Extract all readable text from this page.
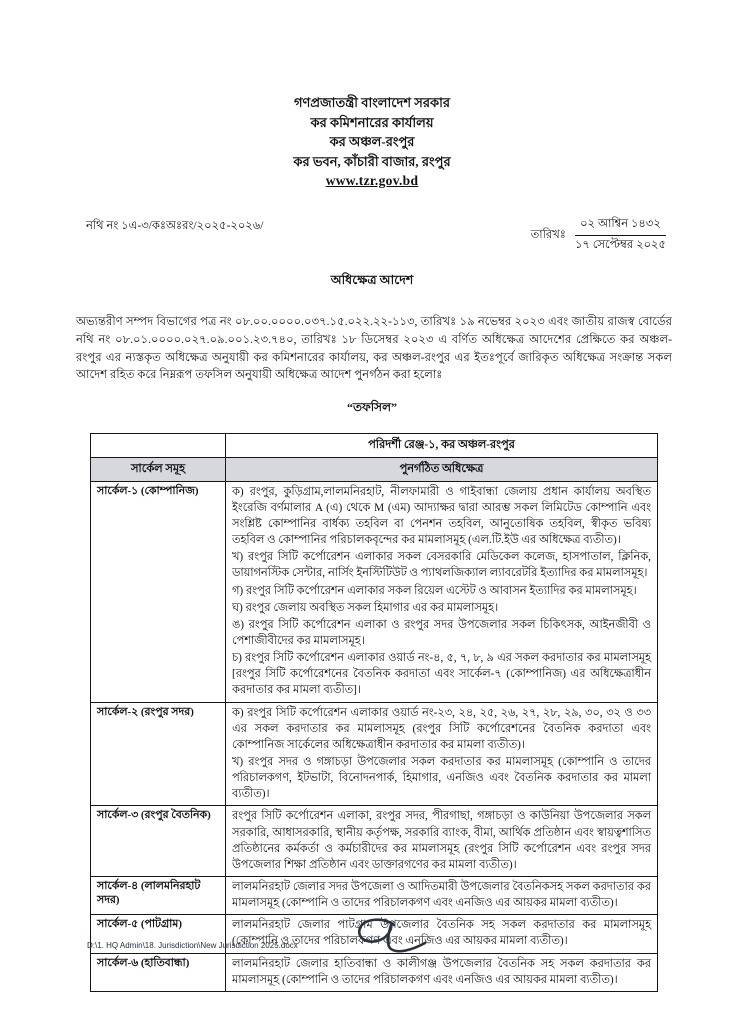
গণপ্রজাতন্ত্রী বাংলাদেশ সরকার
কর কমিশনারের কার্যালয়
কর অঞ্চল-রংপুর
কর ভবন, কাঁচারী বাজার, রংপুর
www.tzr.gov.bd
নথি নং ১এ-৩/কঃঅঃরং/২০২৫-২০২৬/
তারিখঃ
০২ আশ্বিন ১৪৩২
১৭ সেপ্টেম্বর ২০২৫
অধিক্ষেত্র আদেশ
অভ্যন্তরীণ সম্পদ বিভাগের পত্র নং ০৮.০০.০০০০.০৩৭.১৫.০২২.২২-১১৩, তারিখঃ ১৯ নভেম্বর ২০২৩ এবং জাতীয় রাজস্ব বোর্ডের নথি নং ০৮.০১.০০০০.০২৭.০৯.০০১.২৩.৭৪০, তারিখঃ ১৮ ডিসেম্বর ২০২৩ এ বর্ণিত অধিক্ষেত্র আদেশের প্রেক্ষিতে কর অঞ্চল-রংপুর এর ন্যস্তকৃত অধিক্ষেত্র অনুযায়ী কর কমিশনারের কার্যালয়, কর অঞ্চল-রংপুর এর ইতঃপূর্বে জারিকৃত অধিক্ষেত্র সংক্রান্ত সকল আদেশ রহিত করে নিম্নরূপ তফসিল অনুযায়ী অধিক্ষেত্র আদেশ পুনর্গঠন করা হলোঃ
“তফসিল”
	পরিদর্শী রেঞ্জ-১, কর অঞ্চল-রংপুর
সার্কেল সমূহ	পুনর্গঠিত অধিক্ষেত্র
সার্কেল-১ (কোম্পানিজ)	ক) রংপুর, কুড়িগ্রাম,লালমনিরহাট, নীলফামারী ও গাইবান্ধা জেলায় প্রধান কার্যালয় অবস্থিত ইংরেজি বর্ণমালার A (এ) থেকে M (এম) আদ্যাক্ষর দ্বারা আরম্ভ সকল লিমিটেড কোম্পানি এবং সংশ্লিষ্ট কোম্পানির বার্ধক্য তহবিল বা পেনশন তহবিল, আনুতোষিক তহবিল, স্বীকৃত ভবিষ্য তহবিল ও কোম্পানির পরিচালকবৃন্দের কর মামলাসমূহ (এল.টি.ইউ এর অধিক্ষেত্র ব্যতীত)।

খ) রংপুর সিটি কর্পোরেশন এলাকার সকল বেসরকারি মেডিকেল কলেজ, হাসপাতাল, ক্লিনিক, ডায়াগনস্টিক সেন্টার, নার্সিং ইনস্টিটিউট ও প্যাথলজিক্যাল ল্যাবরেটরি ইত্যাদির কর মামলাসমূহ।

গ) রংপুর সিটি কর্পোরেশন এলাকার সকল রিয়েল এস্টেট ও আবাসন ইত্যাদির কর মামলাসমূহ।

ঘ) রংপুর জেলায় অবস্থিত সকল হিমাগার এর কর মামলাসমূহ।

ঙ) রংপুর সিটি কর্পোরেশন এলাকা ও রংপুর সদর উপজেলার সকল চিকিৎসক, আইনজীবী ও পেশাজীবীদের কর মামলাসমূহ।

চ) রংপুর সিটি কর্পোরেশন এলাকার ওয়ার্ড নং-৪, ৫, ৭, ৮, ৯ এর সকল করদাতার কর মামলাসমূহ [রংপুর সিটি কর্পোরেশনের বৈতনিক করদাতা এবং সার্কেল-৭ (কোম্পানিজ) এর অধিক্ষেত্রাধীন করদাতার কর মামলা ব্যতীত]।

সার্কেল-২ (রংপুর সদর)	ক) রংপুর সিটি কর্পোরেশন এলাকার ওয়ার্ড নং-২৩, ২৪, ২৫, ২৬, ২৭, ২৮, ২৯, ৩০, ৩২ ও ৩৩ এর সকল করদাতার কর মামলাসমূহ (রংপুর সিটি কর্পোরেশনের বৈতনিক করদাতা এবং কোম্পানিজ সার্কেলের অধিক্ষেত্রাধীন করদাতার কর মামলা ব্যতীত)।

খ) রংপুর সদর ও গঙ্গাচড়া উপজেলার সকল করদাতার কর মামলাসমূহ (কোম্পানি ও তাদের পরিচালকগণ, ইটভাটা, বিনোদনপার্ক, হিমাগার, এনজিও এবং বৈতনিক করদাতার কর মামলা ব্যতীত)।

সার্কেল-৩ (রংপুর বৈতনিক)	রংপুর সিটি কর্পোরেশন এলাকা, রংপুর সদর, পীরগাছা, গঙ্গাচড়া ও কাউনিয়া উপজেলার সকল সরকারি, আধাসরকারি, স্থানীয় কর্তৃপক্ষ, সরকারি ব্যাংক, বীমা, আর্থিক প্রতিষ্ঠান এবং স্বায়ত্বশাসিত প্রতিষ্ঠানের কর্মকর্তা ও কর্মচারীদের কর মামলাসমূহ (রংপুর সিটি কর্পোরেশন এবং রংপুর সদর উপজেলার শিক্ষা প্রতিষ্ঠান এবং ডাক্তারগণের কর মামলা ব্যতীত)।

সার্কেল-৪ (লালমনিরহাট সদর)	লালমনিরহাট জেলার সদর উপজেলা ও আদিতমারী উপজেলার বৈতনিকসহ সকল করদাতার কর মামলাসমূহ (কোম্পানি ও তাদের পরিচালকগণ এবং এনজিও এর আয়কর মামলা ব্যতীত)।

সার্কেল-৫ (পাটগ্রাম)	লালমনিরহাট জেলার পাটগ্রাম উপজেলার বৈতনিক সহ সকল করদাতার কর মামলাসমূহ (কোম্পানি ও তাদের পরিচালকগণ এবং এনজিও এর আয়কর মামলা ব্যতীত)।

সার্কেল-৬ (হাতিবান্ধা)	লালমনিরহাট জেলার হাতিবান্ধা ও কালীগঞ্জ উপজেলার বৈতনিক সহ সকল করদাতার কর মামলাসমূহ (কোম্পানি ও তাদের পরিচালকগণ এবং এনজিও এর আয়কর মামলা ব্যতীত)।

D:\1. HQ Admin\18. Jurisdiction\New Jurisdiction 2025.docx
